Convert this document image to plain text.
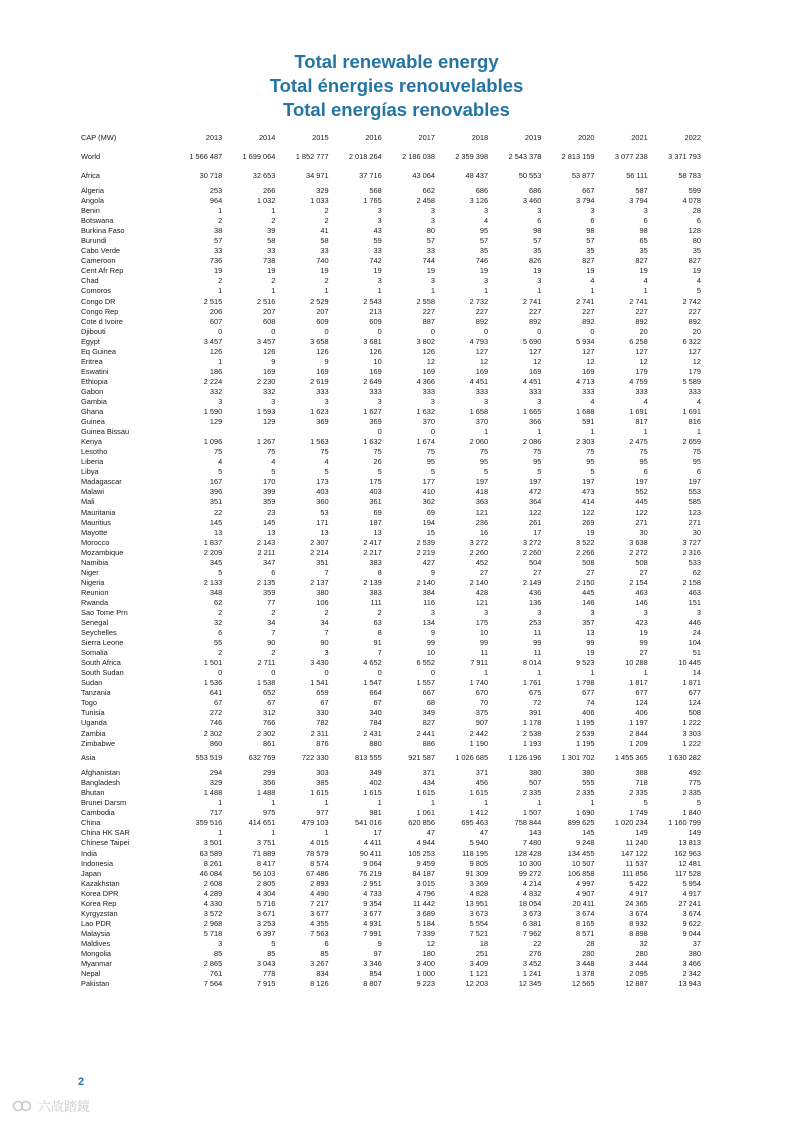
Total renewable energy
Total énergies renouvelables
Total energías renovables
CAP (MW)	2013	2014	2015	2016	2017	2018	2019	2020	2021	2022
World	1 566 487	1 699 064	1 852 777	2 018 264	2 186 038	2 359 398	2 543 378	2 813 159	3 077 238	3 371 793
Africa	30 718	32 653	34 971	37 716	43 064	48 437	50 553	53 877	56 111	58 783
Algeria	253	266	329	568	662	686	686	667	587	599
Angola	964	1 032	1 033	1 765	2 458	3 126	3 460	3 794	3 794	4 078
Benin	1	1	2	3	3	3	3	3	3	28
Botswana	2	2	2	3	3	4	6	6	6	6
Burkina Faso	38	39	41	43	80	95	98	98	98	128
Burundi	57	58	58	59	57	57	57	57	65	80
Cabo Verde	33	33	33	33	33	35	35	35	35	35
Cameroon	736	738	740	742	744	746	826	827	827	827
Cent Afr Rep	19	19	19	19	19	19	19	19	19	19
Chad	2	2	2	3	3	3	3	4	4	4
Comoros	1	1	1	1	1	1	1	1	1	5
Congo DR	2 515	2 516	2 529	2 543	2 558	2 732	2 741	2 741	2 741	2 742
Congo Rep	206	207	207	213	227	227	227	227	227	227
Cote d Ivoire	607	608	609	609	887	892	892	892	892	892
Djibouti	0	0	0	0	0	0	0	0	20	20
Egypt	3 457	3 457	3 658	3 681	3 802	4 793	5 690	5 934	6 258	6 322
Eq Guinea	126	126	126	126	126	127	127	127	127	127
Eritrea	1	9	9	10	12	12	12	12	12	12
Eswatini	186	169	169	169	169	169	169	169	179	179
Ethiopia	2 224	2 230	2 619	2 649	4 366	4 451	4 451	4 713	4 759	5 589
Gabon	332	332	333	333	333	333	333	333	333	333
Gambia	3	3	3	3	3	3	3	4	4	4
Ghana	1 590	1 593	1 623	1 627	1 632	1 658	1 665	1 688	1 691	1 691
Guinea	129	129	369	369	370	370	366	591	817	816
Guinea Bissau				0	0	1	1	1	1	1
Kenya	1 096	1 267	1 563	1 632	1 674	2 060	2 086	2 303	2 475	2 659
Lesotho	75	75	75	75	75	75	75	75	75	75
Liberia	4	4	4	26	95	95	95	95	95	95
Libya	5	5	5	5	5	5	5	5	6	6
Madagascar	167	170	173	175	177	197	197	197	197	197
Malawi	396	399	403	403	410	418	472	473	552	553
Mali	351	359	360	361	362	363	364	414	445	585
Mauritania	22	23	53	69	69	121	122	122	122	123
Mauritius	145	145	171	187	194	236	261	269	271	271
Mayotte	13	13	13	13	15	16	17	19	30	30
Morocco	1 837	2 143	2 307	2 417	2 539	3 272	3 272	3 522	3 638	3 727
Mozambique	2 209	2 211	2 214	2 217	2 219	2 260	2 260	2 266	2 272	2 316
Namibia	345	347	351	383	427	452	504	508	508	533
Niger	5	6	7	8	9	27	27	27	27	62
Nigeria	2 133	2 135	2 137	2 139	2 140	2 140	2 149	2 150	2 154	2 158
Reunion	348	359	380	383	384	428	436	445	463	463
Rwanda	62	77	106	111	116	121	136	146	146	151
Sao Tome Prn	2	2	2	2	3	3	3	3	3	3
Senegal	32	34	34	63	134	175	253	357	423	446
Seychelles	6	7	7	8	9	10	11	13	19	24
Sierra Leone	55	90	90	91	99	99	99	99	99	104
Somalia	2	2	3	7	10	11	11	19	27	51
South Africa	1 501	2 711	3 430	4 652	6 552	7 911	8 014	9 523	10 288	10 445
South Sudan	0	0	0	0	0	1	1	1	1	14
Sudan	1 536	1 538	1 541	1 547	1 557	1 740	1 761	1 798	1 817	1 871
Tanzania	641	652	659	664	667	670	675	677	677	677
Togo	67	67	67	67	68	70	72	74	124	124
Tunisia	272	312	330	340	349	375	391	406	406	508
Uganda	746	766	782	784	827	907	1 178	1 195	1 197	1 222
Zambia	2 302	2 302	2 311	2 431	2 441	2 442	2 538	2 539	2 844	3 303
Zimbabwe	860	861	876	880	886	1 190	1 193	1 195	1 209	1 222
Asia	553 519	632 769	722 330	813 555	921 587	1 026 685	1 126 196	1 301 702	1 455 365	1 630 282
Afghanistan	294	299	303	349	371	371	380	380	388	492
Bangladesh	329	356	385	402	434	456	507	555	718	775
Bhutan	1 488	1 488	1 615	1 615	1 615	1 615	2 335	2 335	2 335	2 335
Brunei Darsm	1	1	1	1	1	1	1	1	5	5
Cambodia	717	975	977	981	1 061	1 412	1 507	1 690	1 749	1 840
China	359 516	414 651	479 103	541 016	620 856	695 463	758 844	899 625	1 020 234	1 160 799
China HK SAR	1	1	1	17	47	47	143	145	149	149
Chinese Taipei	3 501	3 751	4 015	4 411	4 944	5 940	7 480	9 248	11 240	13 813
India	63 589	71 889	78 579	90 411	105 253	118 195	128 428	134 455	147 122	162 963
Indonesia	8 261	8 417	8 574	9 064	9 459	9 805	10 300	10 507	11 537	12 481
Japan	46 084	56 103	67 486	76 219	84 187	91 309	99 272	106 858	111 856	117 528
Kazakhstan	2 608	2 805	2 893	2 951	3 015	3 369	4 214	4 997	5 422	5 954
Korea DPR	4 289	4 304	4 490	4 733	4 796	4 828	4 832	4 907	4 917	4 917
Korea Rep	4 330	5 716	7 217	9 354	11 442	13 951	18 054	20 411	24 365	27 241
Kyrgyzstan	3 572	3 671	3 677	3 677	3 689	3 673	3 673	3 674	3 674	3 674
Lao PDR	2 968	3 253	4 355	4 931	5 184	5 554	6 381	8 165	8 932	9 622
Malaysia	5 718	6 397	7 563	7 991	7 339	7 521	7 962	8 571	8 898	9 044
Maldives	3	5	6	9	12	18	22	28	32	37
Mongolia	85	85	85	97	180	251	276	280	280	380
Myanmar	2 865	3 043	3 267	3 346	3 400	3 409	3 452	3 448	3 444	3 466
Nepal	761	778	834	854	1 000	1 121	1 241	1 378	2 095	2 342
Pakistan	7 564	7 915	8 126	8 807	9 223	12 203	12 345	12 565	12 887	13 943
2
六故踏鏡
